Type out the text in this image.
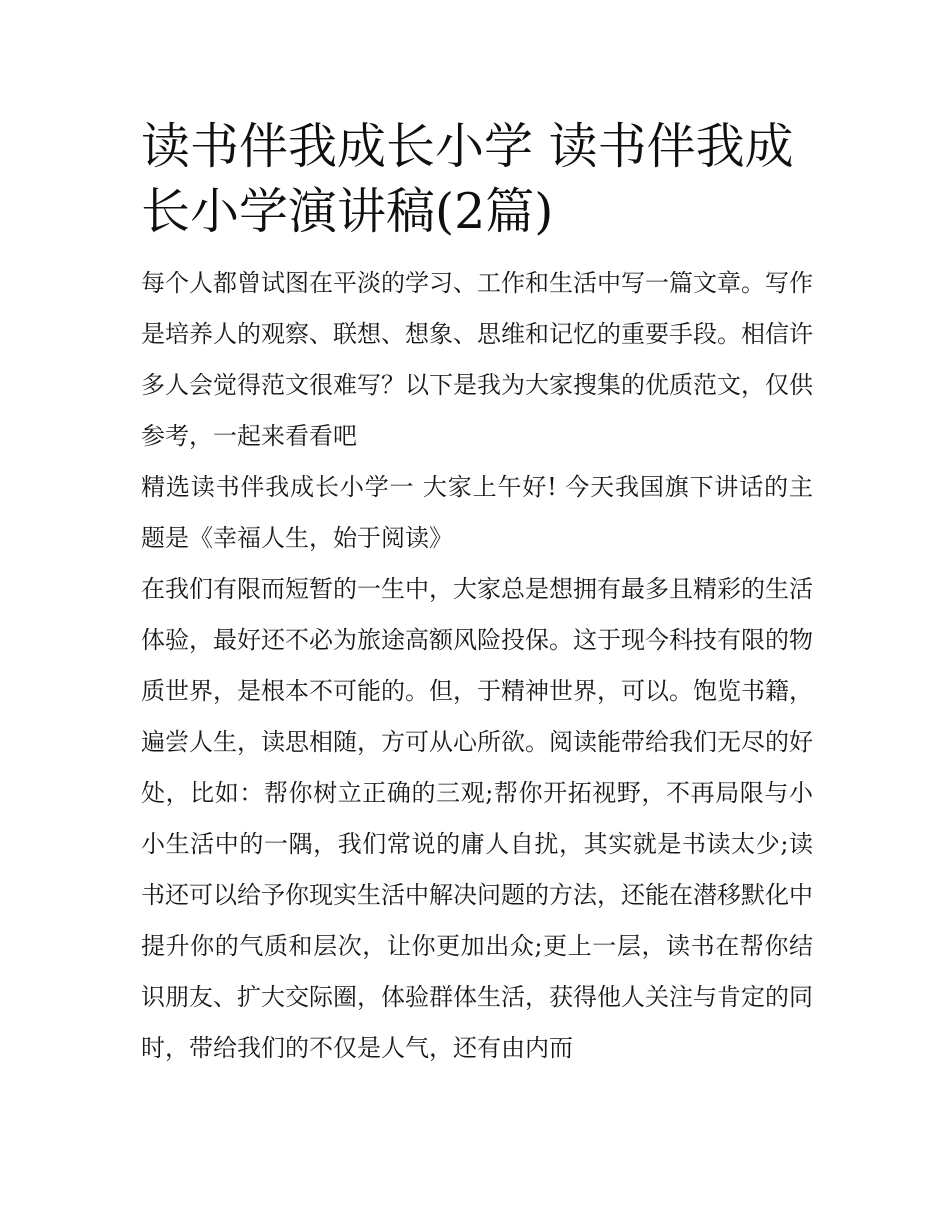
读书伴我成长小学 读书伴我成长小学演讲稿(2篇)

每个人都曾试图在平淡的学习、工作和生活中写一篇文章。写作是培养人的观察、联想、想象、思维和记忆的重要手段。相信许多人会觉得范文很难写？以下是我为大家搜集的优质范文，仅供参考，一起来看看吧

精选读书伴我成长小学一 大家上午好! 今天我国旗下讲话的主题是《幸福人生，始于阅读》

在我们有限而短暂的一生中，大家总是想拥有最多且精彩的生活体验，最好还不必为旅途高额风险投保。这于现今科技有限的物质世界，是根本不可能的。但，于精神世界，可以。饱览书籍，遍尝人生，读思相随，方可从心所欲。阅读能带给我们无尽的好处，比如：帮你树立正确的三观;帮你开拓视野，不再局限与小小生活中的一隅，我们常说的庸人自扰，其实就是书读太少;读书还可以给予你现实生活中解决问题的方法，还能在潜移默化中提升你的气质和层次，让你更加出众;更上一层，读书在帮你结识朋友、扩大交际圈，体验群体生活，获得他人关注与肯定的同时，带给我们的不仅是人气，还有由内而
